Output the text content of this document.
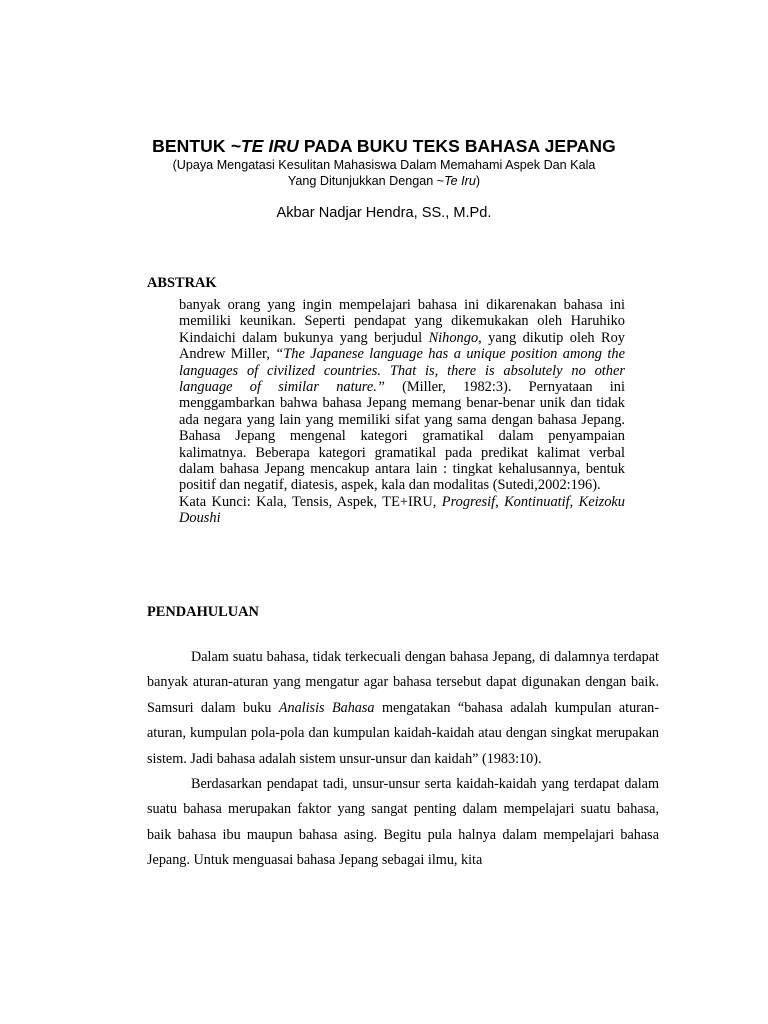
BENTUK ~TE IRU PADA BUKU TEKS BAHASA JEPANG
(Upaya Mengatasi Kesulitan Mahasiswa Dalam Memahami Aspek Dan Kala
Yang Ditunjukkan Dengan ~Te Iru)
Akbar Nadjar Hendra, SS., M.Pd.
ABSTRAK

banyak orang yang ingin mempelajari bahasa ini dikarenakan bahasa ini memiliki keunikan. Seperti pendapat yang dikemukakan oleh Haruhiko Kindaichi dalam bukunya yang berjudul Nihongo, yang dikutip oleh Roy Andrew Miller, “The Japanese language has a unique position among the languages of civilized countries. That is, there is absolutely no other language of similar nature.” (Miller, 1982:3). Pernyataan ini menggambarkan bahwa bahasa Jepang memang benar-benar unik dan tidak ada negara yang lain yang memiliki sifat yang sama dengan bahasa Jepang. Bahasa Jepang mengenal kategori gramatikal dalam penyampaian kalimatnya. Beberapa kategori gramatikal pada predikat kalimat verbal dalam bahasa Jepang mencakup antara lain : tingkat kehalusannya, bentuk positif dan negatif, diatesis, aspek, kala dan modalitas (Sutedi,2002:196).

Kata Kunci: Kala, Tensis, Aspek, TE+IRU, Progresif, Kontinuatif, Keizoku Doushi

PENDAHULUAN

Dalam suatu bahasa, tidak terkecuali dengan bahasa Jepang, di dalamnya terdapat banyak aturan-aturan yang mengatur agar bahasa tersebut dapat digunakan dengan baik. Samsuri dalam buku Analisis Bahasa mengatakan “bahasa adalah kumpulan aturan-aturan, kumpulan pola-pola dan kumpulan kaidah-kaidah atau dengan singkat merupakan sistem. Jadi bahasa adalah sistem unsur-unsur dan kaidah” (1983:10).

Berdasarkan pendapat tadi, unsur-unsur serta kaidah-kaidah yang terdapat dalam suatu bahasa merupakan faktor yang sangat penting dalam mempelajari suatu bahasa, baik bahasa ibu maupun bahasa asing. Begitu pula halnya dalam mempelajari bahasa Jepang. Untuk menguasai bahasa Jepang sebagai ilmu, kita
